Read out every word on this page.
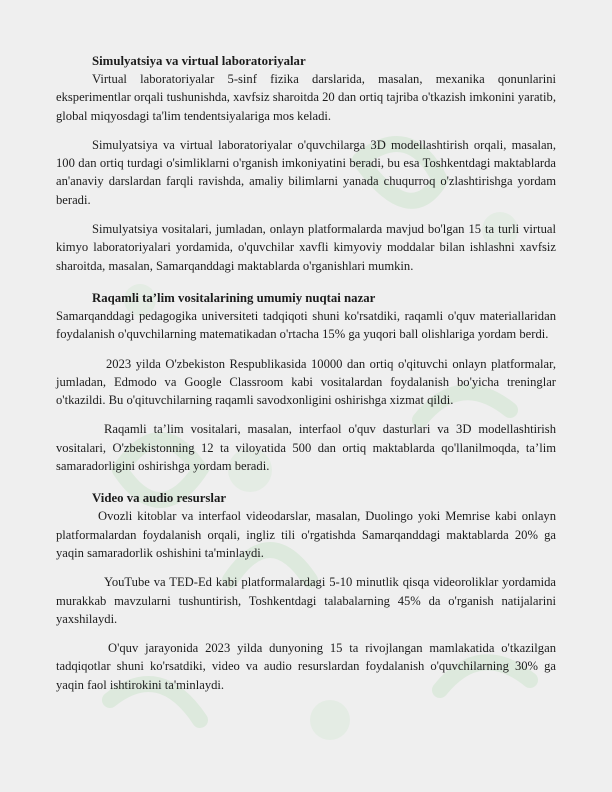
Simulyatsiya va virtual laboratoriyalar

Virtual laboratoriyalar 5-sinf fizika darslarida, masalan, mexanika qonunlarini eksperimentlar orqali tushunishda, xavfsiz sharoitda 20 dan ortiq tajriba o'tkazish imkonini yaratib, global miqyosdagi ta'lim tendentsiyalariga mos keladi.

Simulyatsiya va virtual laboratoriyalar o'quvchilarga 3D modellashtirish orqali, masalan, 100 dan ortiq turdagi o'simliklarni o'rganish imkoniyatini beradi, bu esa Toshkentdagi maktablarda an'anaviy darslardan farqli ravishda, amaliy bilimlarni yanada chuqurroq o'zlashtirishga yordam beradi.

Simulyatsiya vositalari, jumladan, onlayn platformalarda mavjud bo'lgan 15 ta turli virtual kimyo laboratoriyalari yordamida, o'quvchilar xavfli kimyoviy moddalar bilan ishlashni xavfsiz sharoitda, masalan, Samarqanddagi maktablarda o'rganishlari mumkin.

Raqamli ta’lim vositalarining umumiy nuqtai nazar

Samarqanddagi pedagogika universiteti tadqiqoti shuni ko'rsatdiki, raqamli o'quv materiallaridan foydalanish o'quvchilarning matematikadan o'rtacha 15% ga yuqori ball olishlariga yordam berdi.

2023 yilda O'zbekiston Respublikasida 10000 dan ortiq o'qituvchi onlayn platformalar, jumladan, Edmodo va Google Classroom kabi vositalardan foydalanish bo'yicha treninglar o'tkazildi. Bu o'qituvchilarning raqamli savodxonligini oshirishga xizmat qildi.

Raqamli ta’lim vositalari, masalan, interfaol o'quv dasturlari va 3D modellashtirish vositalari, O'zbekistonning 12 ta viloyatida 500 dan ortiq maktablarda qo'llanilmoqda, ta’lim samaradorligini oshirishga yordam beradi.

Video va audio resurslar

Ovozli kitoblar va interfaol videodarslar, masalan, Duolingo yoki Memrise kabi onlayn platformalardan foydalanish orqali, ingliz tili o'rgatishda Samarqanddagi maktablarda 20% ga yaqin samaradorlik oshishini ta'minlaydi.

YouTube va TED-Ed kabi platformalardagi 5-10 minutlik qisqa videoroliklar yordamida murakkab mavzularni tushuntirish, Toshkentdagi talabalarning 45% da o'rganish natijalarini yaxshilaydi.

O'quv jarayonida 2023 yilda dunyoning 15 ta rivojlangan mamlakatida o'tkazilgan tadqiqotlar shuni ko'rsatdiki, video va audio resurslardan foydalanish o'quvchilarning 30% ga yaqin faol ishtirokini ta'minlaydi.
